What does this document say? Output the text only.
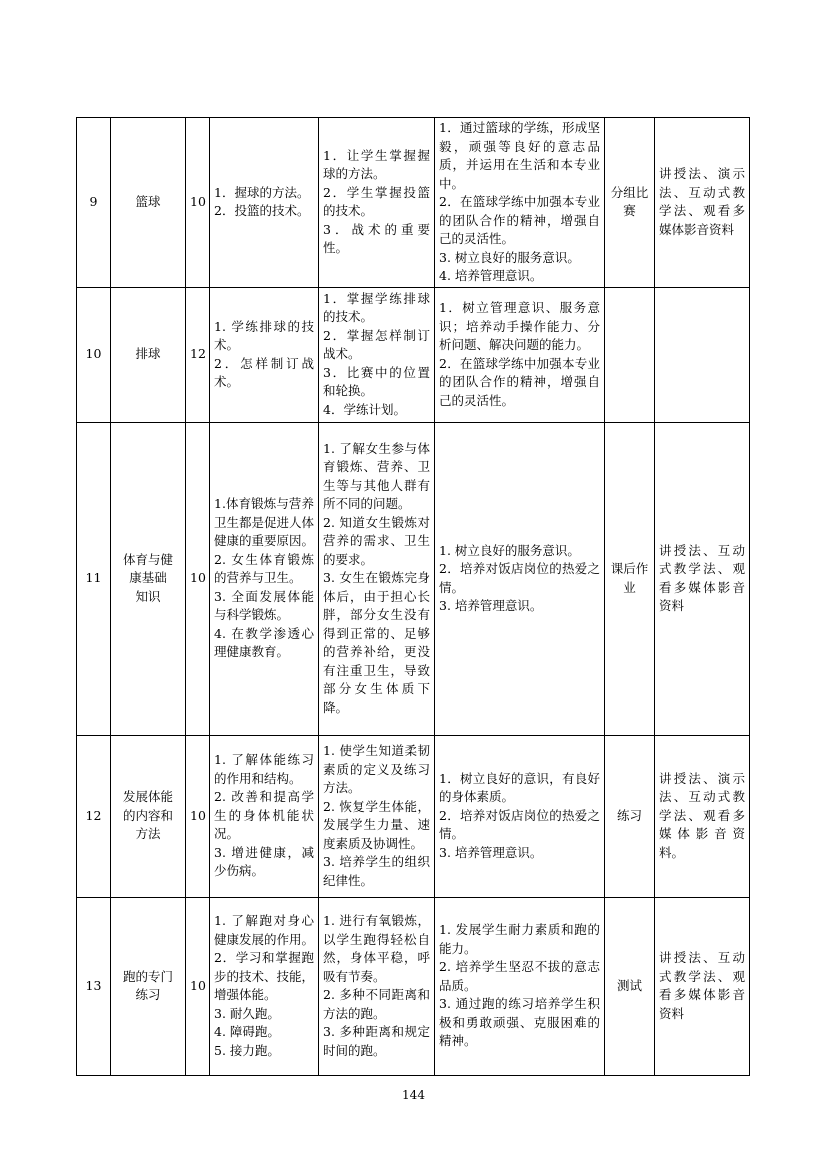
9	篮球	10	1．握球的方法。
2．投篮的技术。	1．让学生掌握握球的方法。
2．学生掌握投篮的技术。
3．战术的重要性。	1．通过篮球的学练，形成坚毅，顽强等良好的意志品质，并运用在生活和本专业中。
2．在篮球学练中加强本专业的团队合作的精神，增强自己的灵活性。
3. 树立良好的服务意识。
4. 培养管理意识。	分组比赛	讲授法、演示法、互动式教学法、观看多媒体影音资料
10	排球	12	1. 学练排球的技术。
2．怎样制订战术。	1．掌握学练排球的技术。
2．掌握怎样制订战术。
3．比赛中的位置和轮换。
4．学练计划。	1．树立管理意识、服务意识；培养动手操作能力、分析问题、解决问题的能力。
2．在篮球学练中加强本专业的团队合作的精神，增强自己的灵活性。		

11	体育与健
康基础
知识	10	1.体育锻炼与营养卫生都是促进人体健康的重要原因。
2. 女生体育锻炼的营养与卫生。
3. 全面发展体能与科学锻炼。
4. 在教学渗透心理健康教育。	1. 了解女生参与体育锻炼、营养、卫生等与其他人群有所不同的问题。
2. 知道女生锻炼对营养的需求、卫生的要求。
3. 女生在锻炼完身体后，由于担心长胖，部分女生没有得到正常的、足够的营养补给，更没有注重卫生，导致部分女生体质下降。	1. 树立良好的服务意识。
2．培养对饭店岗位的热爱之情。
3. 培养管理意识。	课后作业	讲授法、互动式教学法、观看多媒体影音资料
12	发展体能
的内容和
方法	10	1. 了解体能练习的作用和结构。
2. 改善和提高学生的身体机能状况。
3. 增进健康，减少伤病。	1. 使学生知道柔韧素质的定义及练习方法。
2. 恢复学生体能，发展学生力量、速度素质及协调性。
3. 培养学生的组织纪律性。	1．树立良好的意识，有良好的身体素质。
2．培养对饭店岗位的热爱之情。
3. 培养管理意识。	练习	讲授法、演示法、互动式教学法、观看多媒体影音资料。
13	跑的专门
练习	10	1. 了解跑对身心健康发展的作用。
2．学习和掌握跑步的技术、技能，增强体能。
3. 耐久跑。
4. 障碍跑。
5. 接力跑。	1. 进行有氧锻炼，以学生跑得轻松自然，身体平稳，呼吸有节奏。
2. 多种不同距离和方法的跑。
3. 多种距离和规定时间的跑。	1. 发展学生耐力素质和跑的能力。
2. 培养学生坚忍不拔的意志品质。
3. 通过跑的练习培养学生积极和勇敢顽强、克服困难的精神。	测试	讲授法、互动式教学法、观看多媒体影音资料
144
